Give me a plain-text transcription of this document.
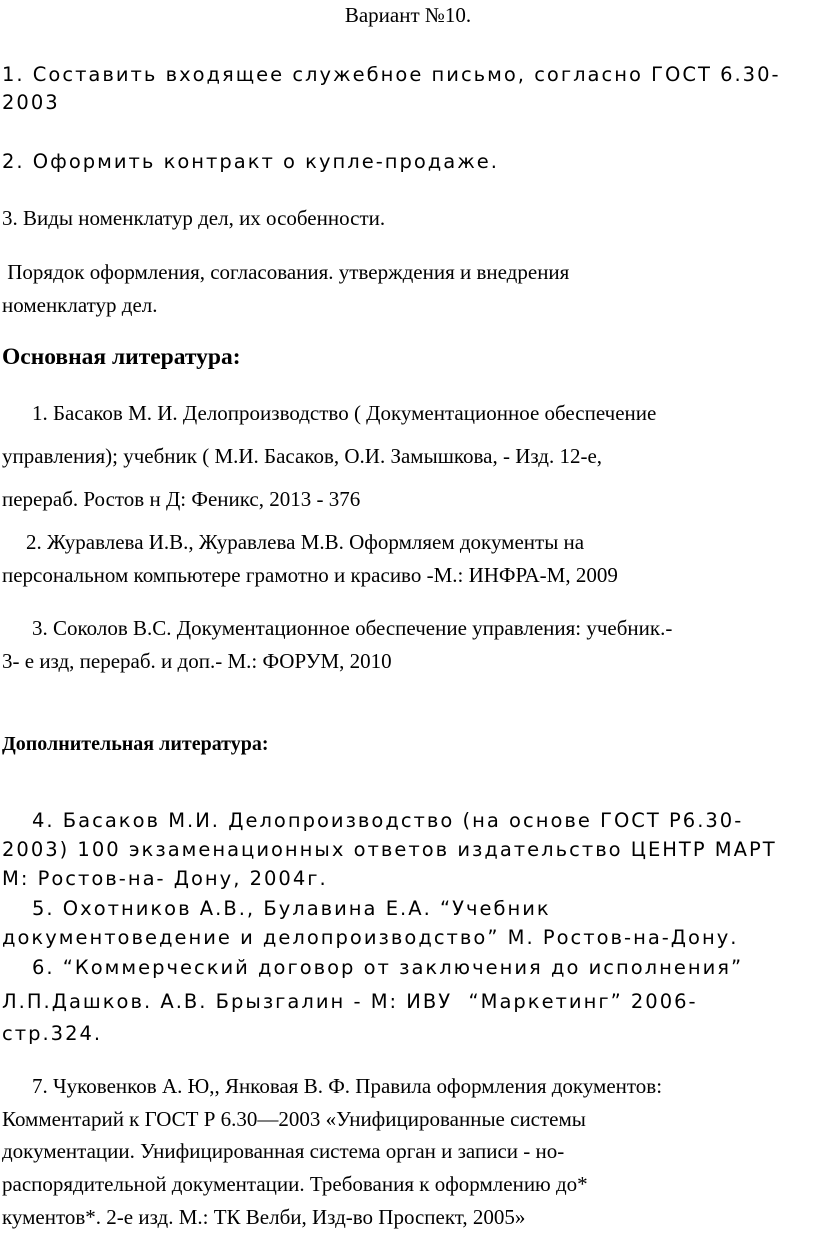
Вариант №10.
1. Составить входящее служебное письмо, согласно ГОСТ 6.30-
2003
2. Оформить контракт о купле-продаже.
3. Виды номенклатур дел, их особенности.
Порядок оформления, согласования. утверждения и внедрения
номенклатур дел.
Основная литература:
1. Басаков М. И. Делопроизводство ( Документационное обеспечение
управления); учебник ( М.И. Басаков, О.И. Замышкова, - Изд. 12-е,
перераб. Ростов н Д: Феникс, 2013 - 376
2. Журавлева И.В., Журавлева М.В. Оформляем документы на
персональном компьютере грамотно и красиво -М.: ИНФРА-М, 2009
3. Соколов В.С. Документационное обеспечение управления: учебник.-
3- е изд, перераб. и доп.- М.: ФОРУМ, 2010
Дополнительная литература:
4. Басаков М.И. Делопроизводство (на основе ГОСТ Р6.30-
2003) 100 экзаменационных ответов издательство ЦЕНТР МАРТ
М: Ростов-на- Дону, 2004г.
5. Охотников А.В., Булавина Е.А. “Учебник
документоведение и делопроизводство” М. Ростов-на-Дону.
6. “Коммерческий договор от заключения до исполнения”
Л.П.Дашков. А.В. Брызгалин - М: ИВУ  “Маркетинг” 2006-
стр.324.
7. Чуковенков А. Ю,, Янковая В. Ф. Правила оформления документов:
Комментарий к ГОСТ Р 6.30—2003 «Унифицированные системы
документации. Унифицированная система орган и записи - но-
распорядительной документации. Требования к оформлению до*
кументов*. 2-е изд. М.: ТК Велби, Изд-во Проспект, 2005»
